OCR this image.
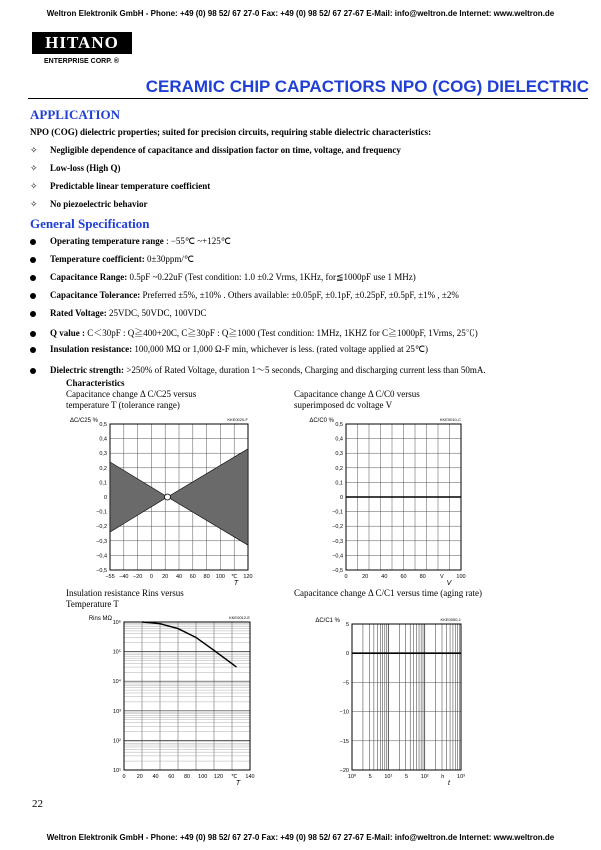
Weltron Elektronik GmbH - Phone: +49 (0) 98 52/ 67 27-0 Fax: +49 (0) 98 52/ 67 27-67 E-Mail: info@weltron.de Internet: www.weltron.de
HITANO
ENTERPRISE CORP. ®
CERAMIC CHIP CAPACTIORS NPO (COG) DIELECTRIC
APPLICATION
NPO (COG) dielectric properties; suited for precision circuits, requiring stable dielectric characteristics:
✧ Negligible dependence of capacitance and dissipation factor on time, voltage, and frequency
✧ Low-loss (High Q)
✧ Predictable linear temperature coefficient
✧ No piezoelectric behavior
General Specification
Operating temperature range : −55℃ ~+125℃
Temperature coefficient: 0±30ppm/℃
Capacitance Range: 0.5pF ~0.22uF (Test condition: 1.0 ±0.2 Vrms, 1KHz, for≦1000pF use 1 MHz)
Capacitance Tolerance: Preferred ±5%, ±10% . Others available: ±0.05pF, ±0.1pF, ±0.25pF, ±0.5pF, ±1% , ±2%
Rated Voltage: 25VDC, 50VDC, 100VDC
Q value : C＜30pF : Q≧400+20C, C≧30pF : Q≧1000 (Test condition: 1MHz, 1KHZ for C≧1000pF, 1Vrms, 25℃)
Insulation resistance: 100,000 MΩ or 1,000 Ω-F min, whichever is less. (rated voltage applied at 25℃)
Dielectric strength: >250% of Rated Voltage, duration 1～5 seconds, Charging and discharging current less than 50mA.
Characteristics
Capacitance change Δ C/C25 versus
temperature T (tolerance range)
Capacitance change Δ C/C0 versus
superimposed dc voltage V
Insulation resistance Rins versus
Temperature T
Capacitance change Δ C/C1 versus time (aging rate)
0,5
0,4
0,3
0,2
0,1
0
−0,1
−0,2
−0,3
−0,4
−0,5
−55 −40 −20 0 20 40 60 80 100 ℃ 120
KKE0020-F
ΔC/C25 %
T
0,5
0,4
0,3
0,2
0,1
0
−0,1
−0,2
−0,3
−0,4
−0,5
0	20 40 60 80	V 100
KKE0010-C
ΔC/C0 %
V
10⁶
10⁵
10⁴
10³
10²
10¹
0 20 40 60 80 100 120 ℃ 140
KKE0012-E
Rins MΩ
T
5
0
−5
−10
−15
−20
10⁰ 5 10¹ 5 10² h 10³
KKE0050-1
ΔC/C1 %
t
22
Weltron Elektronik GmbH - Phone: +49 (0) 98 52/ 67 27-0 Fax: +49 (0) 98 52/ 67 27-67 E-Mail: info@weltron.de Internet: www.weltron.de
